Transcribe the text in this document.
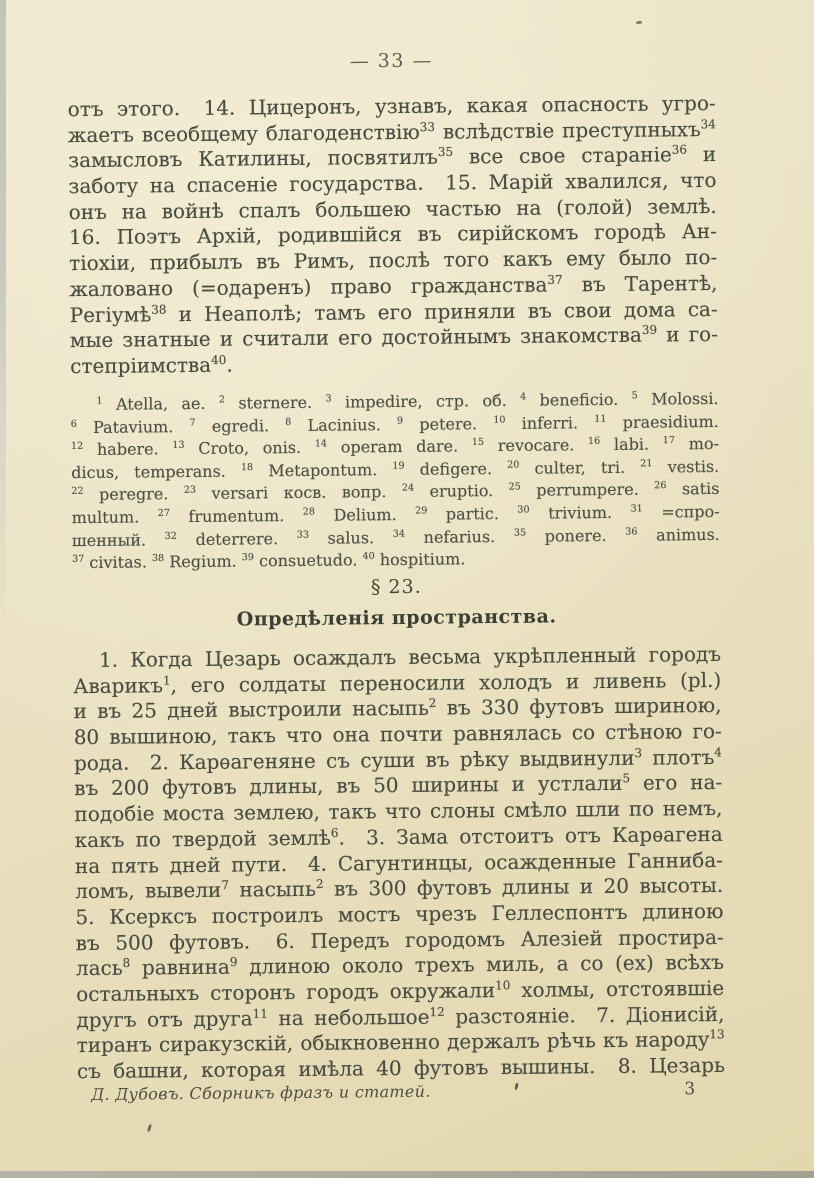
— 33 —
отъ этого.  14. Цицеронъ, узнавъ, какая опасность угро-
жаетъ всеобщему благоденствію$^{33}$ вслѣдствіе преступныхъ$^{34}$
замысловъ Катилины, посвятилъ$^{35}$ все свое стараніе$^{36}$ и
заботу на спасеніе государства.  15. Марій хвалился, что
онъ на войнѣ спалъ большею частью на (голой) землѣ.
16. Поэтъ Архій, родившійся въ сирійскомъ городѣ Ан-
тіохіи, прибылъ въ Римъ, послѣ того какъ ему было по-
жаловано (=одаренъ) право гражданства$^{37}$ въ Тарентѣ,
Регіумѣ$^{38}$ и Неаполѣ; тамъ его приняли въ свои дома са-
мые знатные и считали его достойнымъ знакомства$^{39}$ и го-
степріимства$^{40}$.
$^1$ Atella, ae. $^2$ sternere. $^3$ impedire, стр. об. $^4$ beneficio. $^5$ Molossi.
$^6$ Patavium. $^7$ egredi. $^8$ Lacinius. $^9$ petere. $^{10}$ inferri. $^{11}$ praesidium.
$^{12}$ habere. $^{13}$ Croto, onis. $^{14}$ operam dare. $^{15}$ revocare. $^{16}$ labi. $^{17}$ mo-
dicus, temperans. $^{18}$ Metapontum. $^{19}$ defigere. $^{20}$ culter, tri. $^{21}$ vestis.
$^{22}$ peregre. $^{23}$ versari косв. вопр. $^{24}$ eruptio. $^{25}$ perrumpere. $^{26}$ satis
multum. $^{27}$ frumentum. $^{28}$ Delium. $^{29}$ partic. $^{30}$ trivium. $^{31}$ =спро-
шенный. $^{32}$ deterrere. $^{33}$ salus. $^{34}$ nefarius. $^{35}$ ponere. $^{36}$ animus.
$^{37}$ civitas. $^{38}$ Regium. $^{39}$ consuetudo. $^{40}$ hospitium.
§ 23.
Опредѣленія пространства.
1. Когда Цезарь осаждалъ весьма укрѣпленный городъ
Аварикъ$^1$, его солдаты переносили холодъ и ливень (pl.)
и въ 25 дней выстроили насыпь$^2$ въ 330 футовъ шириною,
80 вышиною, такъ что она почти равнялась со стѣною го-
рода.  2. Карѳагеняне съ суши въ рѣку выдвинули$^3$ плотъ$^4$
въ 200 футовъ длины, въ 50 ширины и устлали$^5$ его на-
подобіе моста землею, такъ что слоны смѣло шли по немъ,
какъ по твердой землѣ$^6$.  3. Зама отстоитъ отъ Карѳагена
на пять дней пути.  4. Сагунтинцы, осажденные Ганниба-
ломъ, вывели$^7$ насыпь$^2$ въ 300 футовъ длины и 20 высоты.
5. Ксерксъ построилъ мостъ чрезъ Геллеспонтъ длиною
въ 500 футовъ.  6. Передъ городомъ Алезіей простира-
лась$^8$ равнина$^9$ длиною около трехъ миль, а со (ex) всѣхъ
остальныхъ сторонъ городъ окружали$^{10}$ холмы, отстоявшіе
другъ отъ друга$^{11}$ на небольшое$^{12}$ разстояніе.  7. Діонисій,
тиранъ сиракузскій, обыкновенно держалъ рѣчь къ народу$^{13}$
съ башни, которая имѣла 40 футовъ вышины.  8. Цезарь
Д. Дубовъ. Сборникъ фразъ и статей.	3
